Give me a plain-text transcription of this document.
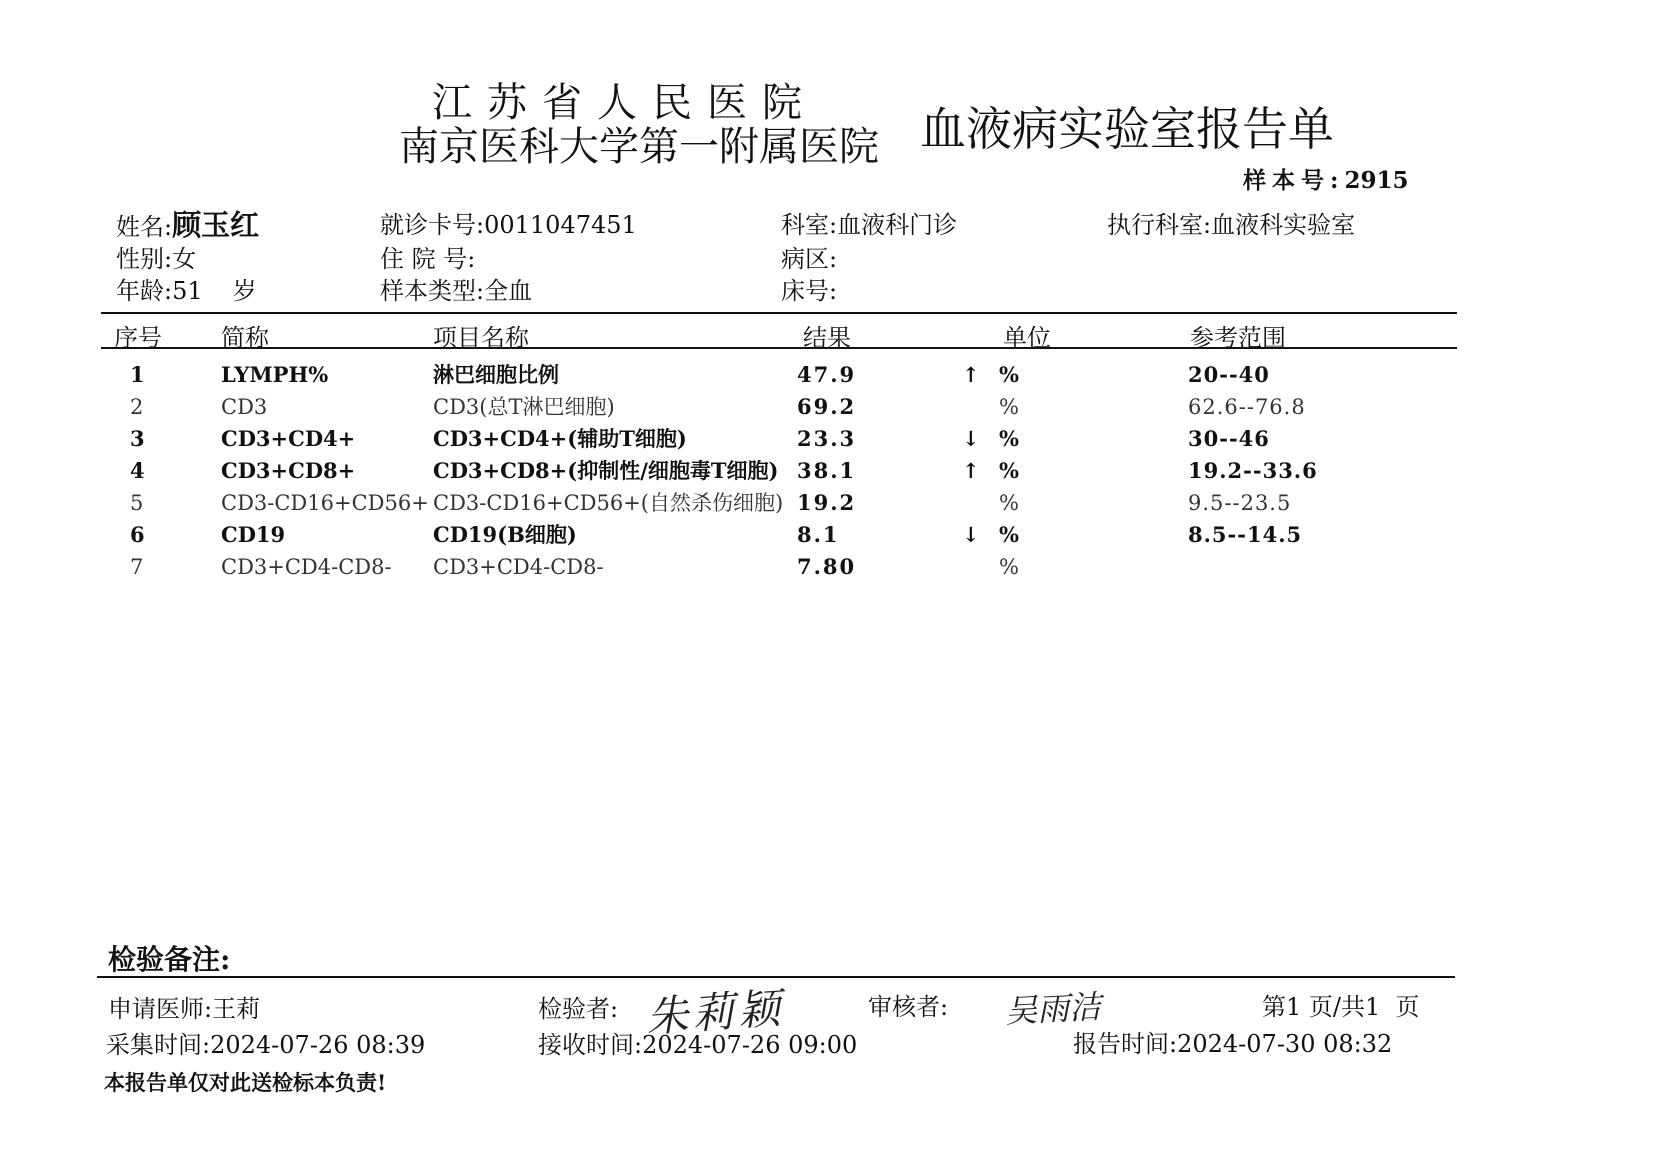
江苏省人民医院
南京医科大学第一附属医院 血液病实验室报告单
样本号:2915
姓名:顾玉红
性别:女
年龄:51 岁
就诊卡号:0011047451
住 院 号:
样本类型:全血
科室:血液科门诊
病区:
床号:
执行科室:血液科实验室
序号 简称	项目名称	结果	单位	参考范围
1	LYMPH%	淋巴细胞比例	47.9	↑ %	20--40
2	CD3	CD3(总T淋巴细胞)	69.2	%	62.6--76.8
3	CD3+CD4+	CD3+CD4+(辅助T细胞)	23.3	↓ %	30--46
4	CD3+CD8+	CD3+CD8+(抑制性/细胞毒T细胞) 38.1	↑ %	19.2--33.6
5	CD3-CD16+CD56+ CD3-CD16+CD56+(自然杀伤细胞) 19.2	%	9.5--23.5
6	CD19	CD19(B细胞)	8.1	↓ %	8.5--14.5
7	CD3+CD4-CD8- CD3+CD4-CD8-	7.80	%
检验备注:
申请医师:王莉	检验者: 朱莉颖	审核者: 吴雨洁	第1 页/共1  页
采集时间:2024-07-26 08:39	接收时间:2024-07-26 09:00	报告时间:2024-07-30 08:32
本报告单仅对此送检标本负责!
